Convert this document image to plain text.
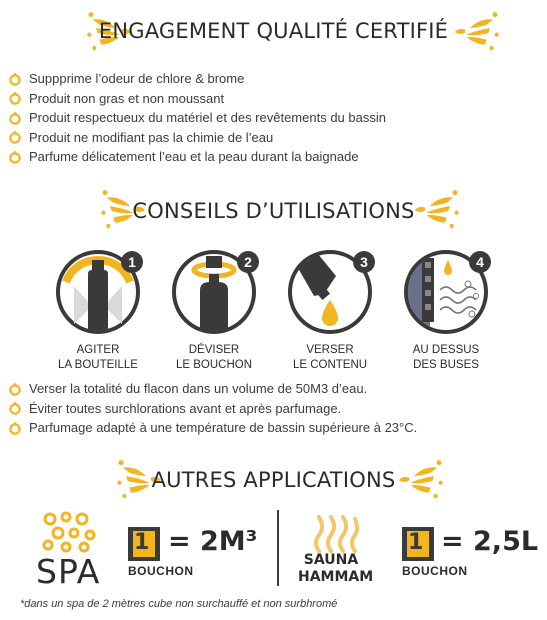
ENGAGEMENT QUALITÉ CERTIFIÉ
Suppprime l’odeur de chlore & brome
Produit non gras et non moussant
Produit respectueux du matériel et des revêtements du bassin
Produit ne modifiant pas la chimie de l’eau
Parfume délicatement l’eau et la peau durant la baignade
CONSEILS D’UTILISATIONS
1
AGITER
LA BOUTEILLE
2
DÉVISER
LE BOUCHON
3
VERSER
LE CONTENU
4
AU DESSUS
DES BUSES
Verser la totalité du flacon dans un volume de 50M3 d’eau.
Éviter toutes surchlorations avant et après parfumage.
Parfumage adapté à une température de bassin supérieure à 23°C.
AUTRES APPLICATIONS
SPA
1 = 2M³
BOUCHON
SAUNA
HAMMAM
1 = 2,5L
BOUCHON
*dans un spa de 2 mètres cube non surchauffé et non surbhromé
